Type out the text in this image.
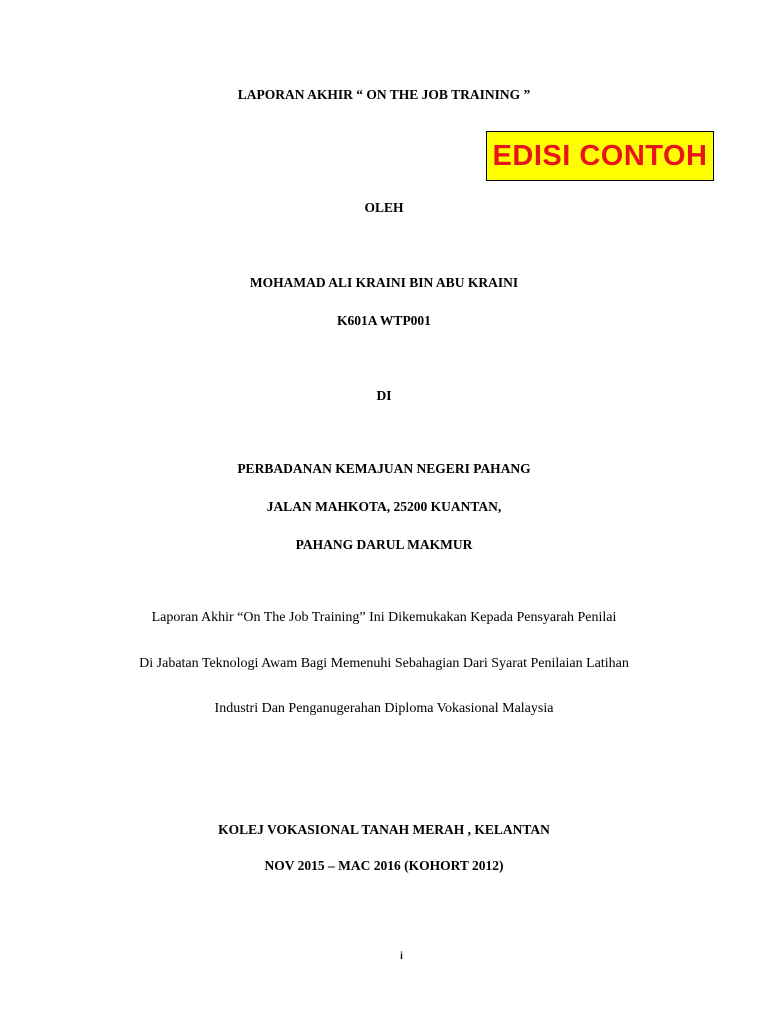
LAPORAN AKHIR “ ON THE JOB TRAINING ”
EDISI CONTOH
OLEH
MOHAMAD ALI KRAINI BIN ABU KRAINI
K601A WTP001
DI
PERBADANAN KEMAJUAN NEGERI PAHANG
JALAN MAHKOTA, 25200 KUANTAN,
PAHANG DARUL MAKMUR
Laporan Akhir “On The Job Training” Ini Dikemukakan Kepada Pensyarah Penilai
Di Jabatan Teknologi Awam Bagi Memenuhi Sebahagian Dari Syarat Penilaian Latihan
Industri Dan Penganugerahan Diploma Vokasional Malaysia
KOLEJ VOKASIONAL TANAH MERAH , KELANTAN
NOV 2015 – MAC 2016 (KOHORT 2012)
i
